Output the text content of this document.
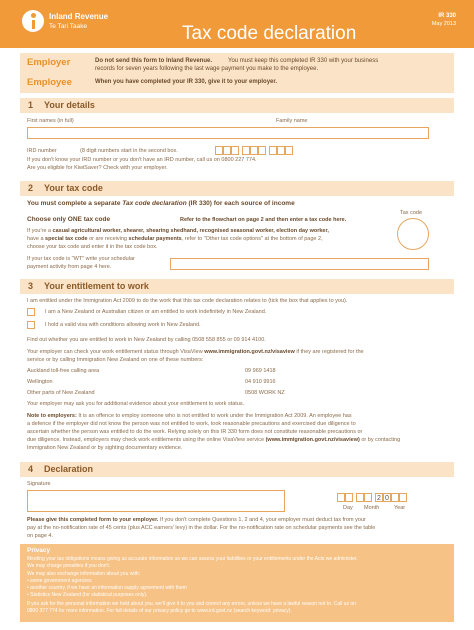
Inland Revenue
Te Tari Taake	Tax code declaration
IR 330
May 2013
Employer	Do not send this form to Inland Revenue.	You must keep this completed IR 330 with your business
records for seven years following the last wage payment you make to the employee.
Employee	When you have completed your IR 330, give it to your employer.
1 Your details
First names (in full)	Family name
IRD number	(8 digit numbers start in the second box.
If you don't know your IRD number or you don't have an IRD number, call us on 0800 227 774.
Are you eligible for KiwiSaver? Check with your employer.
2 Your tax code
You must complete a separate Tax code declaration (IR 330) for each source of income
Choose only ONE tax code	Refer to the flowchart on page 2 and then enter a tax code here.
Tax code
If you're a casual agricultural worker, shearer, shearing shedhand, recognised seasonal worker, election day worker,
have a special tax code or are receiving schedular payments, refer to "Other tax code options" at the bottom of page 2,
choose your tax code and enter it in the tax code box.
If your tax code is "WT" write your schedular
payment activity from page 4 here.
3 Your entitlement to work
I am entitled under the Immigration Act 2009 to do the work that this tax code declaration relates to (tick the box that applies to you).
I am a New Zealand or Australian citizen or am entitled to work indefinitely in New Zealand.
I hold a valid visa with conditions allowing work in New Zealand.
Find out whether you are entitled to work in New Zealand by calling 0508 558 855 or 09 914 4100.
Your employer can check your work entitlement status through VisaView www.immigration.govt.nz/visaview if they are registered for the
service or by calling Immigration New Zealand on one of these numbers:
Auckland toll-free calling area	09 969 1418
Wellington	04 910 9916
Other parts of New Zealand	0508 WORK NZ
Your employer may ask you for additional evidence about your entitlement to work status.
Note to employers: It is an offence to employ someone who is not entitled to work under the Immigration Act 2009. An employee has
a defence if the employer did not know the person was not entitled to work, took reasonable precautions and exercised due diligence to
ascertain whether the person was entitled to do the work. Relying solely on this IR 330 form does not constitute reasonable precautions or
due diligence. Instead, employers may check work entitlements using the online VisaView service (www.immigration.govt.nz/visaview) or by contacting
Immigration New Zealand or by sighting documentary evidence.
4 Declaration
Signature
2 0
Day Month	Year
Please give this completed form to your employer. If you don't complete Questions 1, 2 and 4, your employer must deduct tax from your
pay at the no-notification rate of 45 cents (plus ACC earners' levy) in the dollar. For the no-notification rate on schedular payments see the table
on page 4.
Privacy
Meeting your tax obligations means giving us accurate information so we can assess your liabilities or your entitlements under the Acts we administer.
We may charge penalties if you don't.
We may also exchange information about you with:
• some government agencies
• another country, if we have an information supply agreement with them
• Statistics New Zealand (for statistical purposes only).
If you ask for the personal information we hold about you, we'll give it to you and correct any errors, unless we have a lawful reason not to. Call us on
0800 377 774 for more information. For full details of our privacy policy go to www.ird.govt.nz (search keyword: privacy).
